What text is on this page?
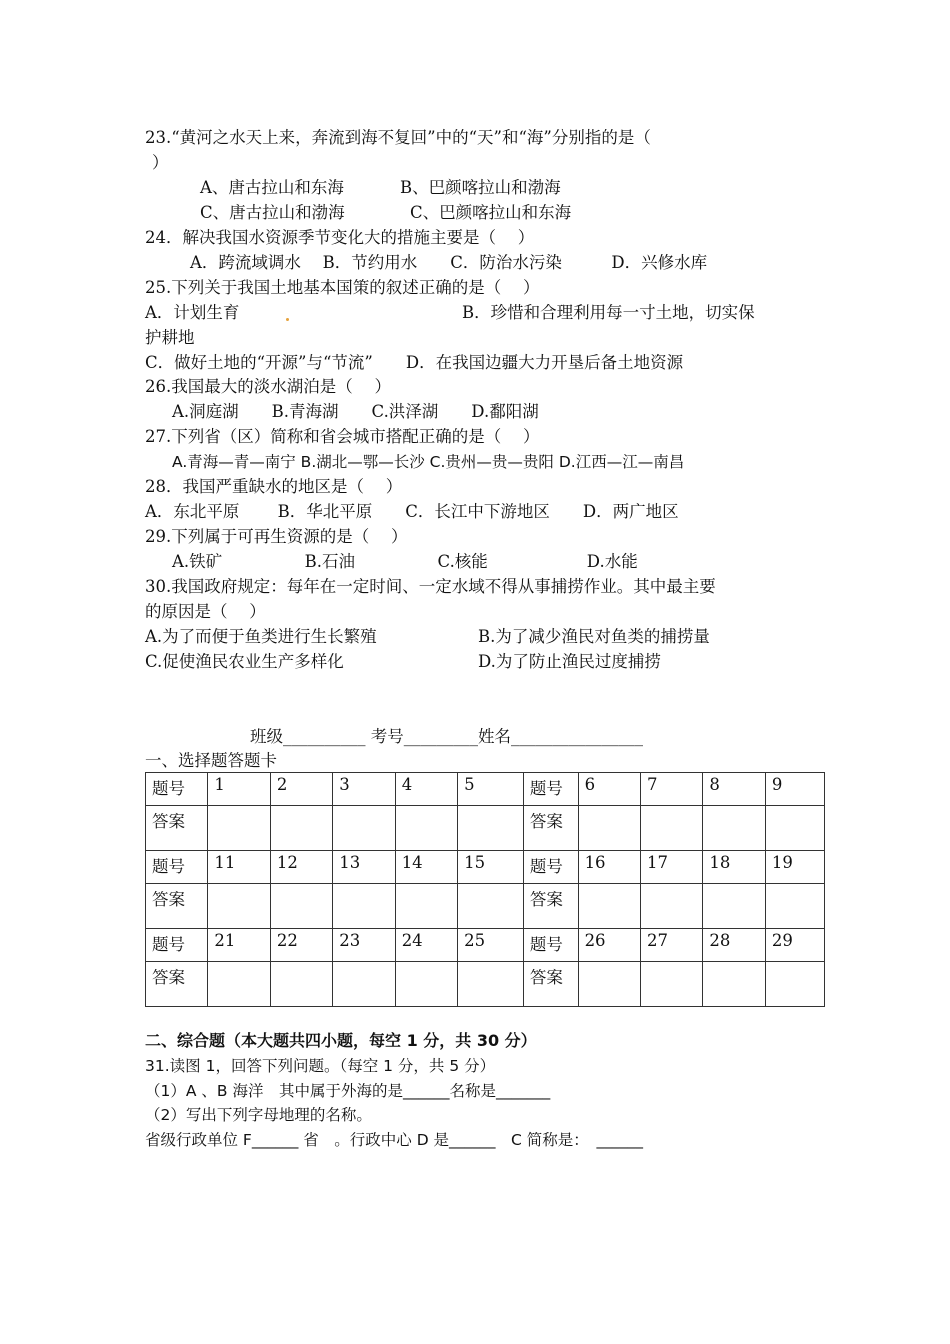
23.“黄河之水天上来，奔流到海不复回”中的“天”和“海”分别指的是（
）
A、唐古拉山和东海	B、巴颜喀拉山和渤海
C、唐古拉山和渤海	C、巴颜喀拉山和东海
24．解决我国水资源季节变化大的措施主要是（　 ）
A．跨流域调水　 B．节约用水　　C．防治水污染　　　D．兴修水库
25.下列关于我国土地基本国策的叙述正确的是（　 ）
A．计划生育	B．珍惜和合理利用每一寸土地，切实保
护耕地
C．做好土地的“开源”与“节流”　　D．在我国边疆大力开垦后备土地资源
26.我国最大的淡水湖泊是（　 ）
A.洞庭湖　　B.青海湖　　C.洪泽湖　　D.鄱阳湖
27.下列省（区）简称和省会城市搭配正确的是（　 ）
A.青海—青—南宁 B.湖北—鄂—长沙 C.贵州—贵—贵阳 D.江西—江—南昌
28．我国严重缺水的地区是（　 ）
A．东北平原　　 B．华北平原　　C．长江中下游地区　　D．两广地区
29.下列属于可再生资源的是（　 ）
A.铁矿　　　　　B.石油　　　　　C.核能　　　　　　D.水能
30.我国政府规定：每年在一定时间、一定水域不得从事捕捞作业。其中最主要
的原因是（　 ）
A.为了而便于鱼类进行生长繁殖	B.为了减少渔民对鱼类的捕捞量
C.促使渔民农业生产多样化	D.为了防止渔民过度捕捞
班级__________ 考号_________姓名________________
一、选择题答题卡
题号	1	2	3	4	5	题号	6	7	8	9
答案						答案				
题号	11	12	13	14	15	题号	16	17	18	19
答案						答案				
题号	21	22	23	24	25	题号	26	27	28	29
答案						答案				
二、综合题（本大题共四小题，每空 1 分，共 30 分）
31.读图 1，回答下列问题。（每空 1 分，共 5 分）
（1）A 、B 海洋　其中属于外海的是______名称是_______
（2）写出下列字母地理的名称。
省级行政单位 F______ 省　。行政中心 D 是______　C 简称是：　______
